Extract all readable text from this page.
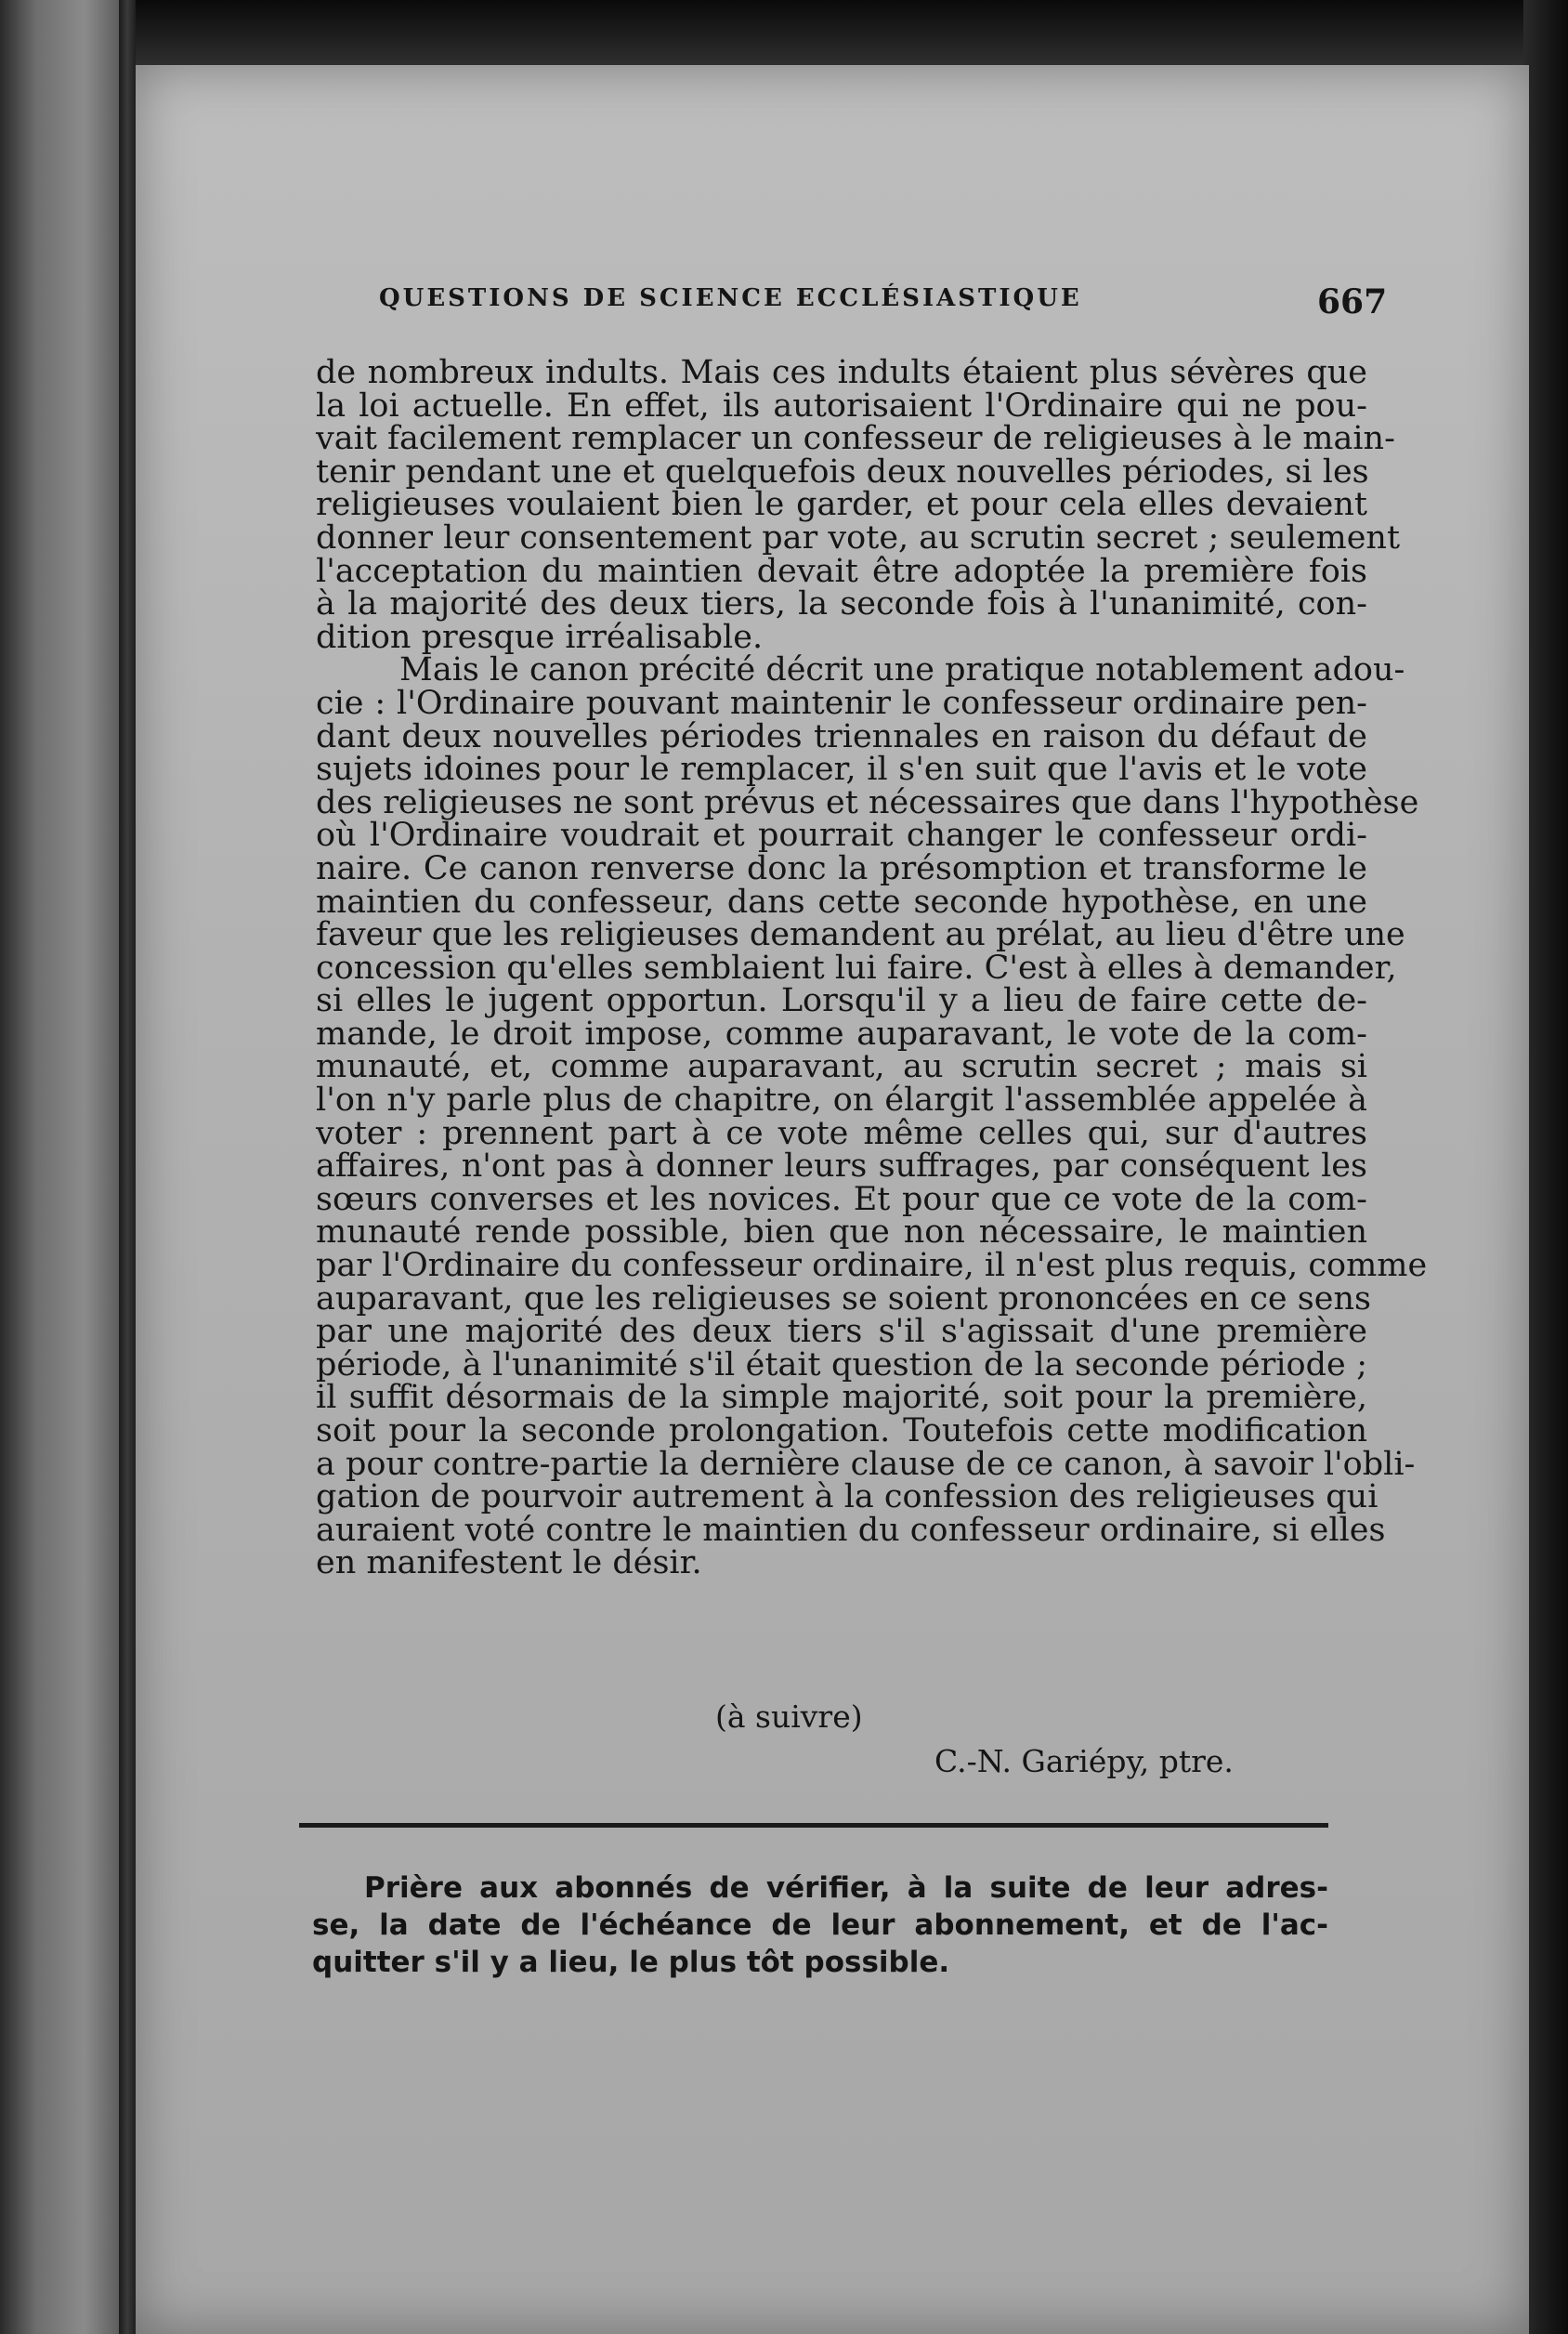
QUESTIONS DE SCIENCE ECCLÉSIASTIQUE	667
de nombreux indults. Mais ces indults étaient plus sévères que
la loi actuelle. En effet, ils autorisaient l'Ordinaire qui ne pou-
vait facilement remplacer un confesseur de religieuses à le main-
tenir pendant une et quelquefois deux nouvelles périodes, si les
religieuses voulaient bien le garder, et pour cela elles devaient
donner leur consentement par vote, au scrutin secret ; seulement
l'acceptation du maintien devait être adoptée la première fois
à la majorité des deux tiers, la seconde fois à l'unanimité, con-
dition presque irréalisable.
Mais le canon précité décrit une pratique notablement adou-
cie : l'Ordinaire pouvant maintenir le confesseur ordinaire pen-
dant deux nouvelles périodes triennales en raison du défaut de
sujets idoines pour le remplacer, il s'en suit que l'avis et le vote
des religieuses ne sont prévus et nécessaires que dans l'hypothèse
où l'Ordinaire voudrait et pourrait changer le confesseur ordi-
naire. Ce canon renverse donc la présomption et transforme le
maintien du confesseur, dans cette seconde hypothèse, en une
faveur que les religieuses demandent au prélat, au lieu d'être une
concession qu'elles semblaient lui faire. C'est à elles à demander,
si elles le jugent opportun. Lorsqu'il y a lieu de faire cette de-
mande, le droit impose, comme auparavant, le vote de la com-
munauté, et, comme auparavant, au scrutin secret ; mais si
l'on n'y parle plus de chapitre, on élargit l'assemblée appelée à
voter : prennent part à ce vote même celles qui, sur d'autres
affaires, n'ont pas à donner leurs suffrages, par conséquent les
sœurs converses et les novices. Et pour que ce vote de la com-
munauté rende possible, bien que non nécessaire, le maintien
par l'Ordinaire du confesseur ordinaire, il n'est plus requis, comme
auparavant, que les religieuses se soient prononcées en ce sens
par une majorité des deux tiers s'il s'agissait d'une première
période, à l'unanimité s'il était question de la seconde période ;
il suffit désormais de la simple majorité, soit pour la première,
soit pour la seconde prolongation. Toutefois cette modification
a pour contre-partie la dernière clause de ce canon, à savoir l'obli-
gation de pourvoir autrement à la confession des religieuses qui
auraient voté contre le maintien du confesseur ordinaire, si elles
en manifestent le désir.
(à suivre)
C.-N. Gariépy, ptre.
Prière aux abonnés de vérifier, à la suite de leur adres-
se, la date de l'échéance de leur abonnement, et de l'ac-
quitter s'il y a lieu, le plus tôt possible.
